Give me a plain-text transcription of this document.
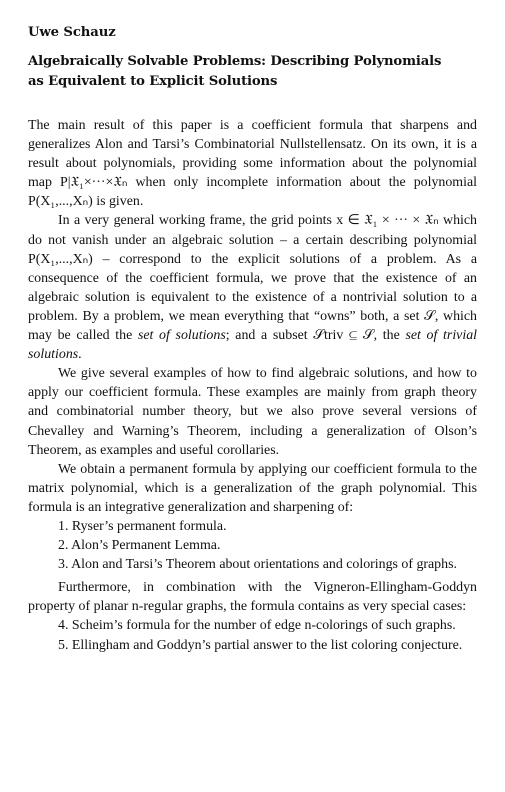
Uwe Schauz
Algebraically Solvable Problems: Describing Polynomials
as Equivalent to Explicit Solutions

The main result of this paper is a coefficient formula that sharpens and generalizes Alon and Tarsi’s Combinatorial Nullstellensatz. On its own, it is a result about polynomials, providing some information about the polynomial map P|𝔛₁×···×𝔛ₙ when only incomplete information about the polynomial P(X₁,...,Xₙ) is given.

In a very general working frame, the grid points x ∈ 𝔛₁ × ··· × 𝔛ₙ which do not vanish under an algebraic solution – a certain describing polynomial P(X₁,...,Xₙ) – correspond to the explicit solutions of a problem. As a consequence of the coefficient formula, we prove that the existence of an algebraic solution is equivalent to the existence of a nontrivial solution to a problem. By a problem, we mean everything that “owns” both, a set 𝒮, which may be called the set of solutions; and a subset 𝒮triv ⊆ 𝒮, the set of trivial solutions.

We give several examples of how to find algebraic solutions, and how to apply our coefficient formula. These examples are mainly from graph theory and combinatorial number theory, but we also prove several versions of Chevalley and Warning’s Theorem, including a generalization of Olson’s Theorem, as examples and useful corollaries.

We obtain a permanent formula by applying our coefficient formula to the matrix polynomial, which is a generalization of the graph polynomial. This formula is an integrative generalization and sharpening of:

1. Ryser’s permanent formula.

2. Alon’s Permanent Lemma.

3. Alon and Tarsi’s Theorem about orientations and colorings of graphs.

Furthermore, in combination with the Vigneron-Ellingham-Goddyn property of planar n-regular graphs, the formula contains as very special cases:

4. Scheim’s formula for the number of edge n-colorings of such graphs.

5. Ellingham and Goddyn’s partial answer to the list coloring conjecture.
